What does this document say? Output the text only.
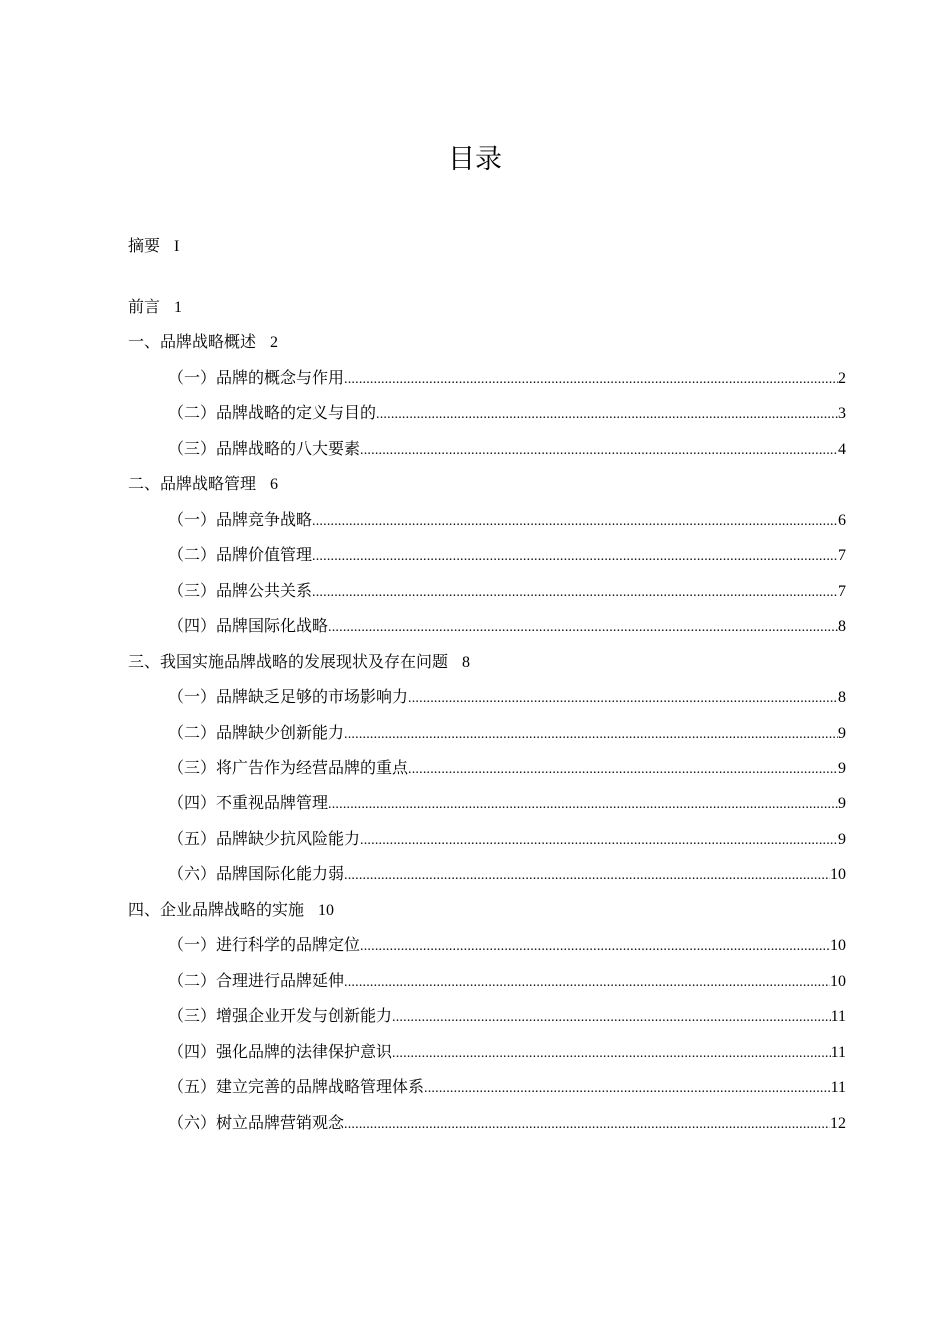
目录
摘要 I
前言 1
一、品牌战略概述 2
（一）品牌的概念与作用 .....	2
（二）品牌战略的定义与目的 .....	3
（三）品牌战略的八大要素 .....	4
二、品牌战略管理 6
（一）品牌竞争战略 .....	6
（二）品牌价值管理 .....	7
（三）品牌公共关系 .....	7
（四）品牌国际化战略 .....	8
三、我国实施品牌战略的发展现状及存在问题 8
（一）品牌缺乏足够的市场影响力 .....	8
（二）品牌缺少创新能力 .....	9
（三）将广告作为经营品牌的重点 .....	9
（四）不重视品牌管理 .....	9
（五）品牌缺少抗风险能力 .....	9
（六）品牌国际化能力弱 .....	10
四、企业品牌战略的实施 10
（一）进行科学的品牌定位 .....	10
（二）合理进行品牌延伸 .....	10
（三）增强企业开发与创新能力 .....	11
（四）强化品牌的法律保护意识 .....	11
（五）建立完善的品牌战略管理体系 .....	11
（六）树立品牌营销观念 .....	12
